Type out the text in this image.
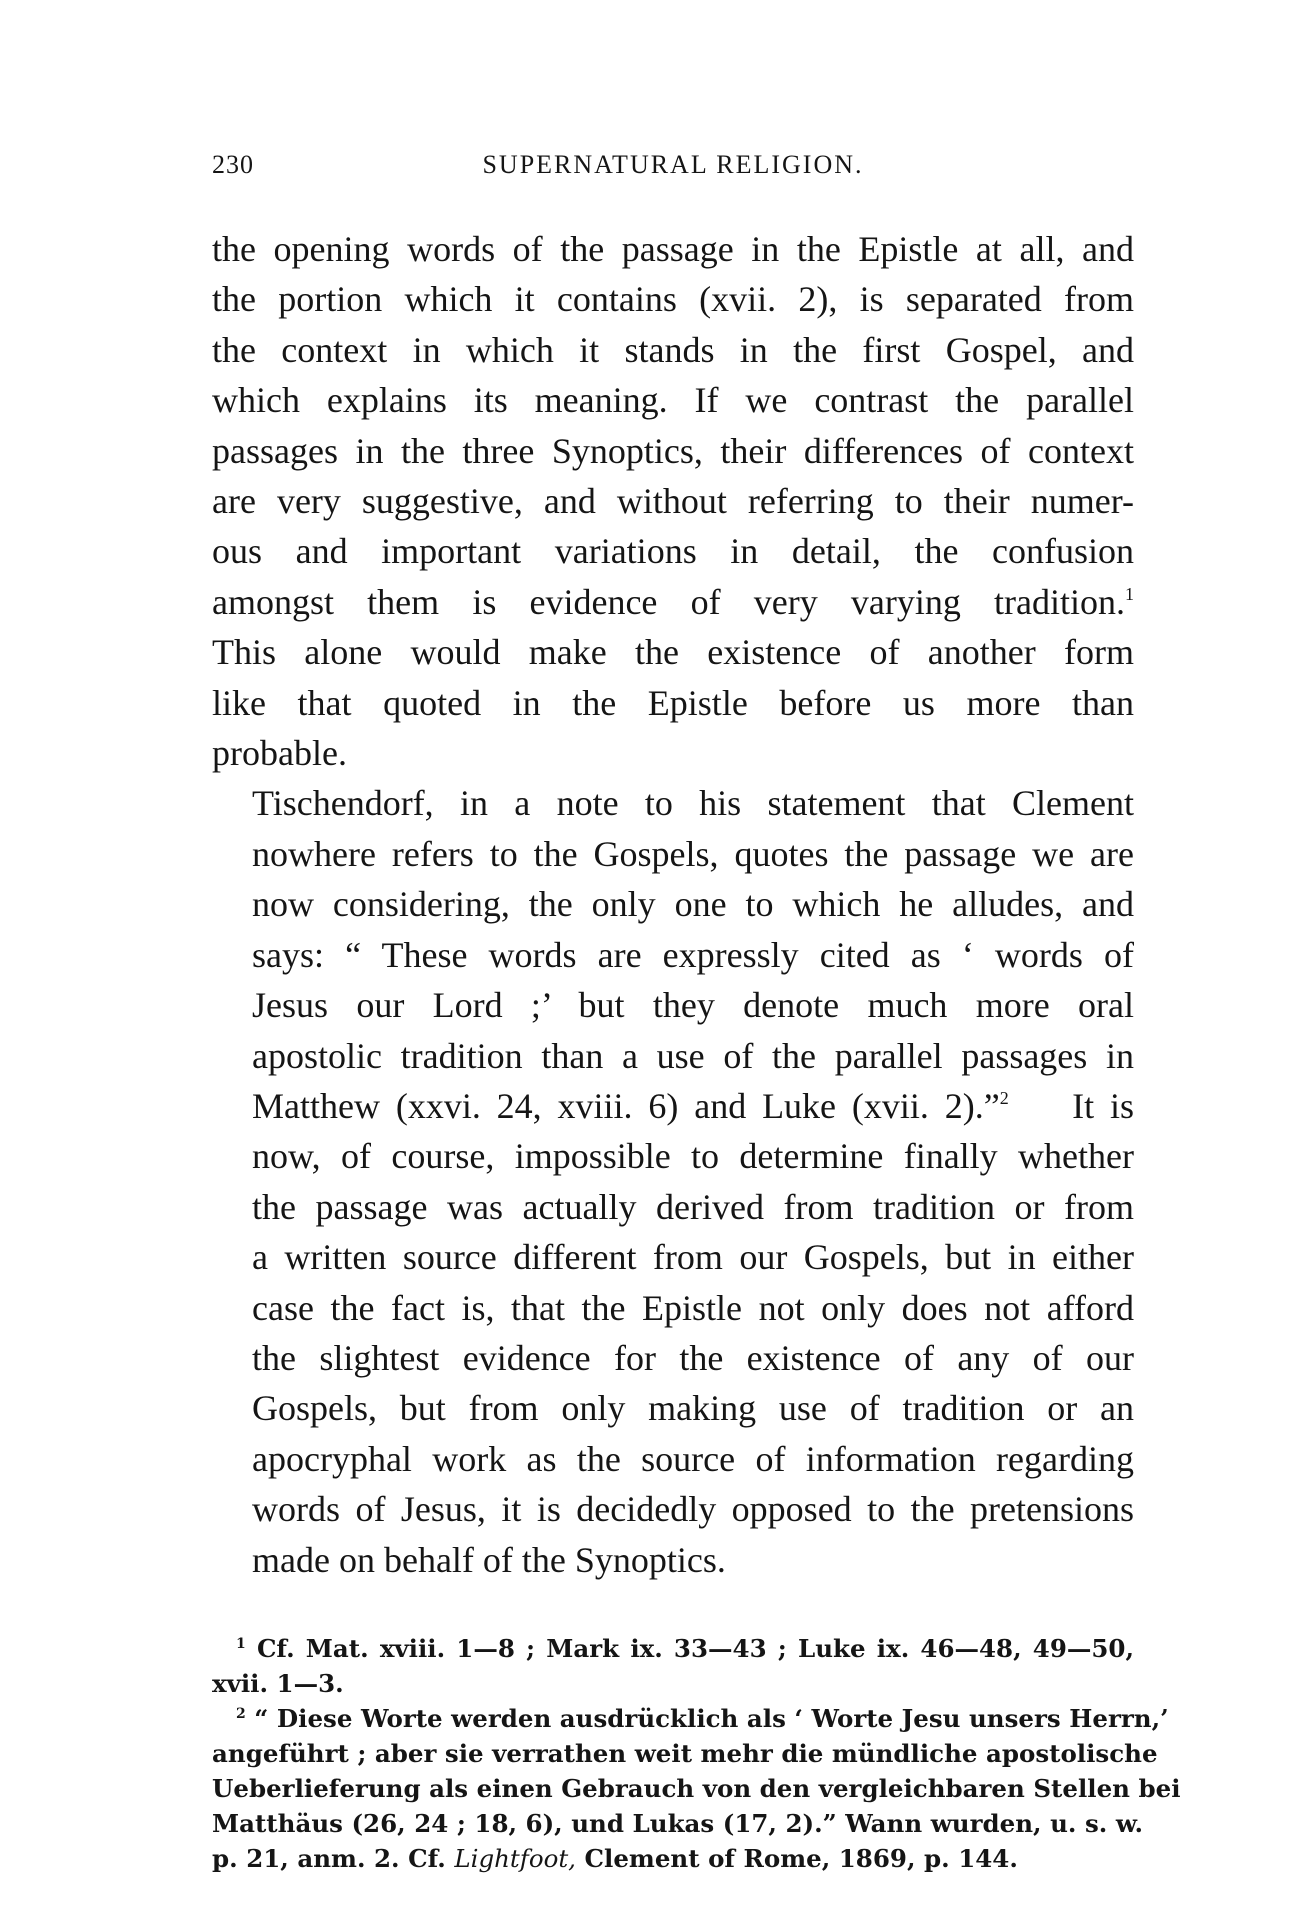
230	SUPERNATURAL RELIGION.

the opening words of the passage in the Epistle at all, and
the portion which it contains (xvii. 2), is separated from
the context in which it stands in the first Gospel, and
which explains its meaning. If we contrast the parallel
passages in the three Synoptics, their differences of context
are very suggestive, and without referring to their numer-
ous and important variations in detail, the confusion
amongst them is evidence of very varying tradition.$^1$
This alone would make the existence of another form
like that quoted in the Epistle before us more than
probable.

Tischendorf, in a note to his statement that Clement
nowhere refers to the Gospels, quotes the passage we are
now considering, the only one to which he alludes, and
says: “ These words are expressly cited as ‘ words of
Jesus our Lord ;’ but they denote much more oral
apostolic tradition than a use of the parallel passages in
Matthew (xxvi. 24, xviii. 6) and Luke (xvii. 2).”$^2$ It is
now, of course, impossible to determine finally whether
the passage was actually derived from tradition or from
a written source different from our Gospels, but in either
case the fact is, that the Epistle not only does not afford
the slightest evidence for the existence of any of our
Gospels, but from only making use of tradition or an
apocryphal work as the source of information regarding
words of Jesus, it is decidedly opposed to the pretensions
made on behalf of the Synoptics.

$^1$ Cf. Mat. xviii. 1—8 ; Mark ix. 33—43 ; Luke ix. 46—48, 49—50,
xvii. 1—3.
$^2$ “ Diese Worte werden ausdrücklich als ‘ Worte Jesu unsers Herrn,’
angeführt ; aber sie verrathen weit mehr die mündliche apostolische
Ueberlieferung als einen Gebrauch von den vergleichbaren Stellen bei
Matthäus (26, 24 ; 18, 6), und Lukas (17, 2).” Wann wurden, u. s. w.
p. 21, anm. 2. Cf. Lightfoot, Clement of Rome, 1869, p. 144.
